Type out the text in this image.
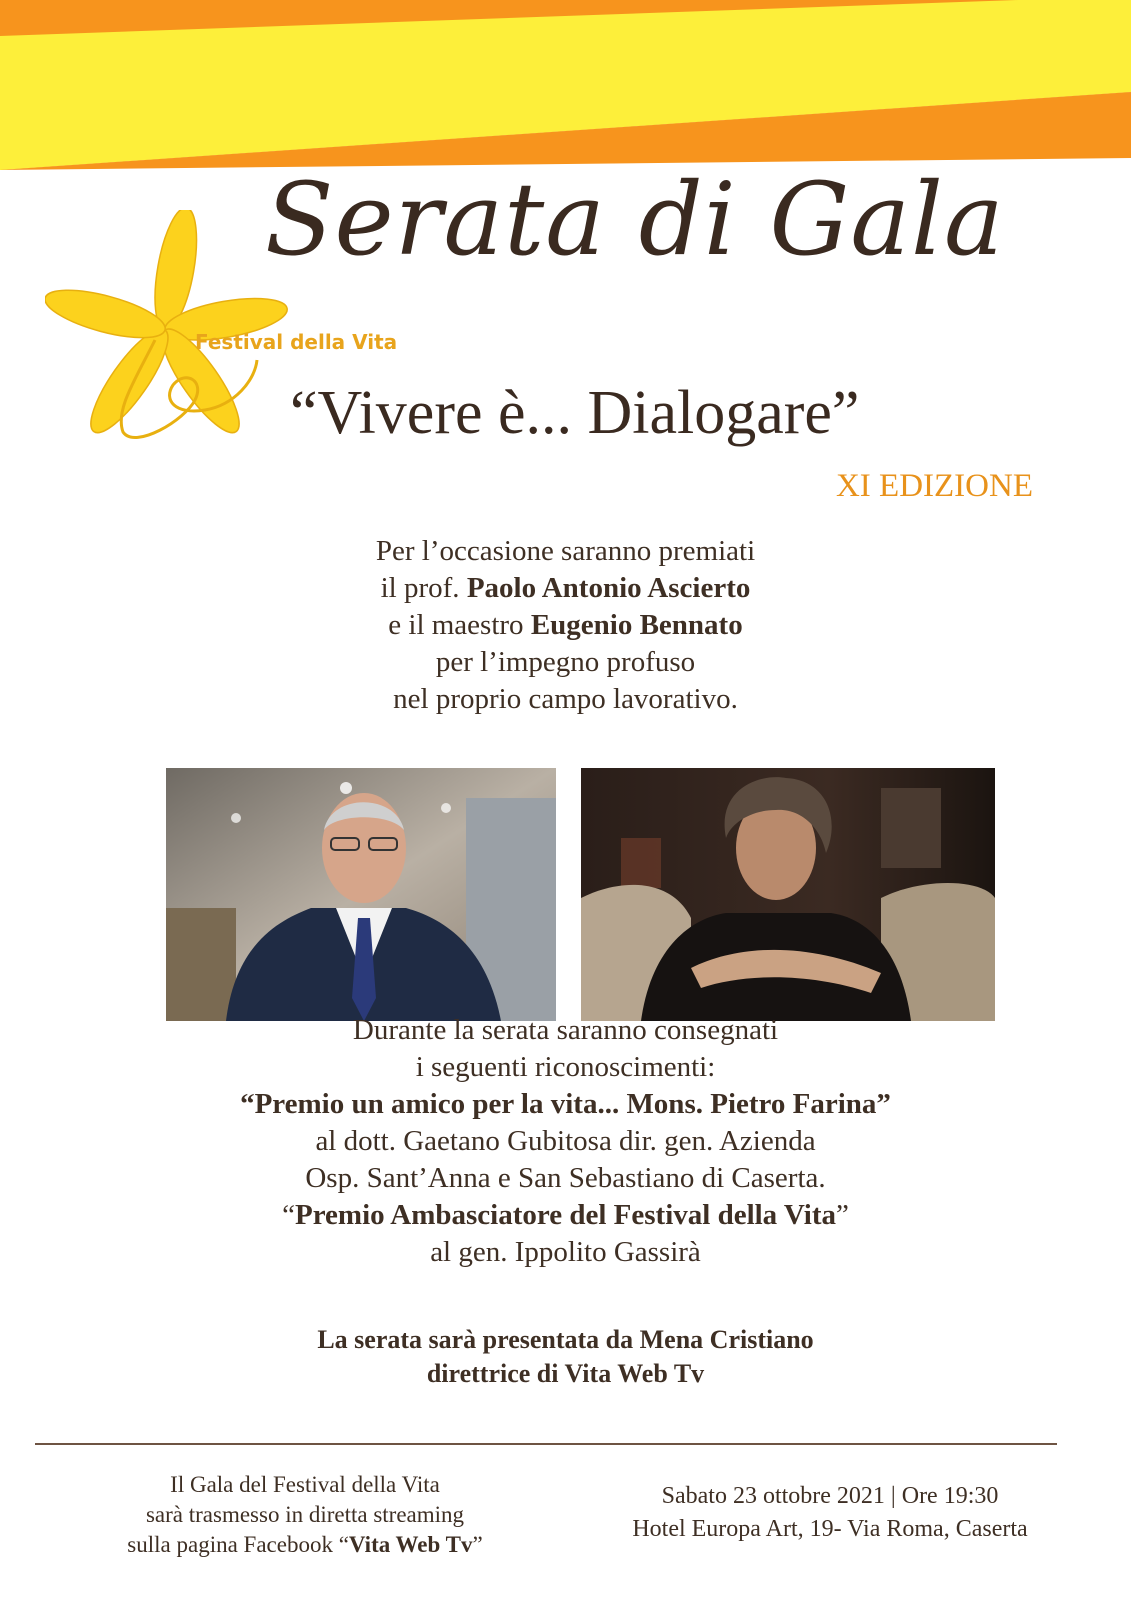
Serata di Gala
Festival della Vita
“Vivere è... Dialogare”
XI EDIZIONE
Per l’occasione saranno premiati
il prof. Paolo Antonio Ascierto
e il maestro Eugenio Bennato
per l’impegno profuso
nel proprio campo lavorativo.
Durante la serata saranno consegnati
i seguenti riconoscimenti:
“Premio un amico per la vita... Mons. Pietro Farina”
al dott. Gaetano Gubitosa dir. gen. Azienda
Osp. Sant’Anna e San Sebastiano di Caserta.
“Premio Ambasciatore del Festival della Vita”
al gen. Ippolito Gassirà
La serata sarà presentata da Mena Cristiano
direttrice di Vita Web Tv
Il Gala del Festival della Vita
sarà trasmesso in diretta streaming
sulla pagina Facebook “Vita Web Tv”
Sabato 23 ottobre 2021 | Ore 19:30
Hotel Europa Art, 19- Via Roma, Caserta
